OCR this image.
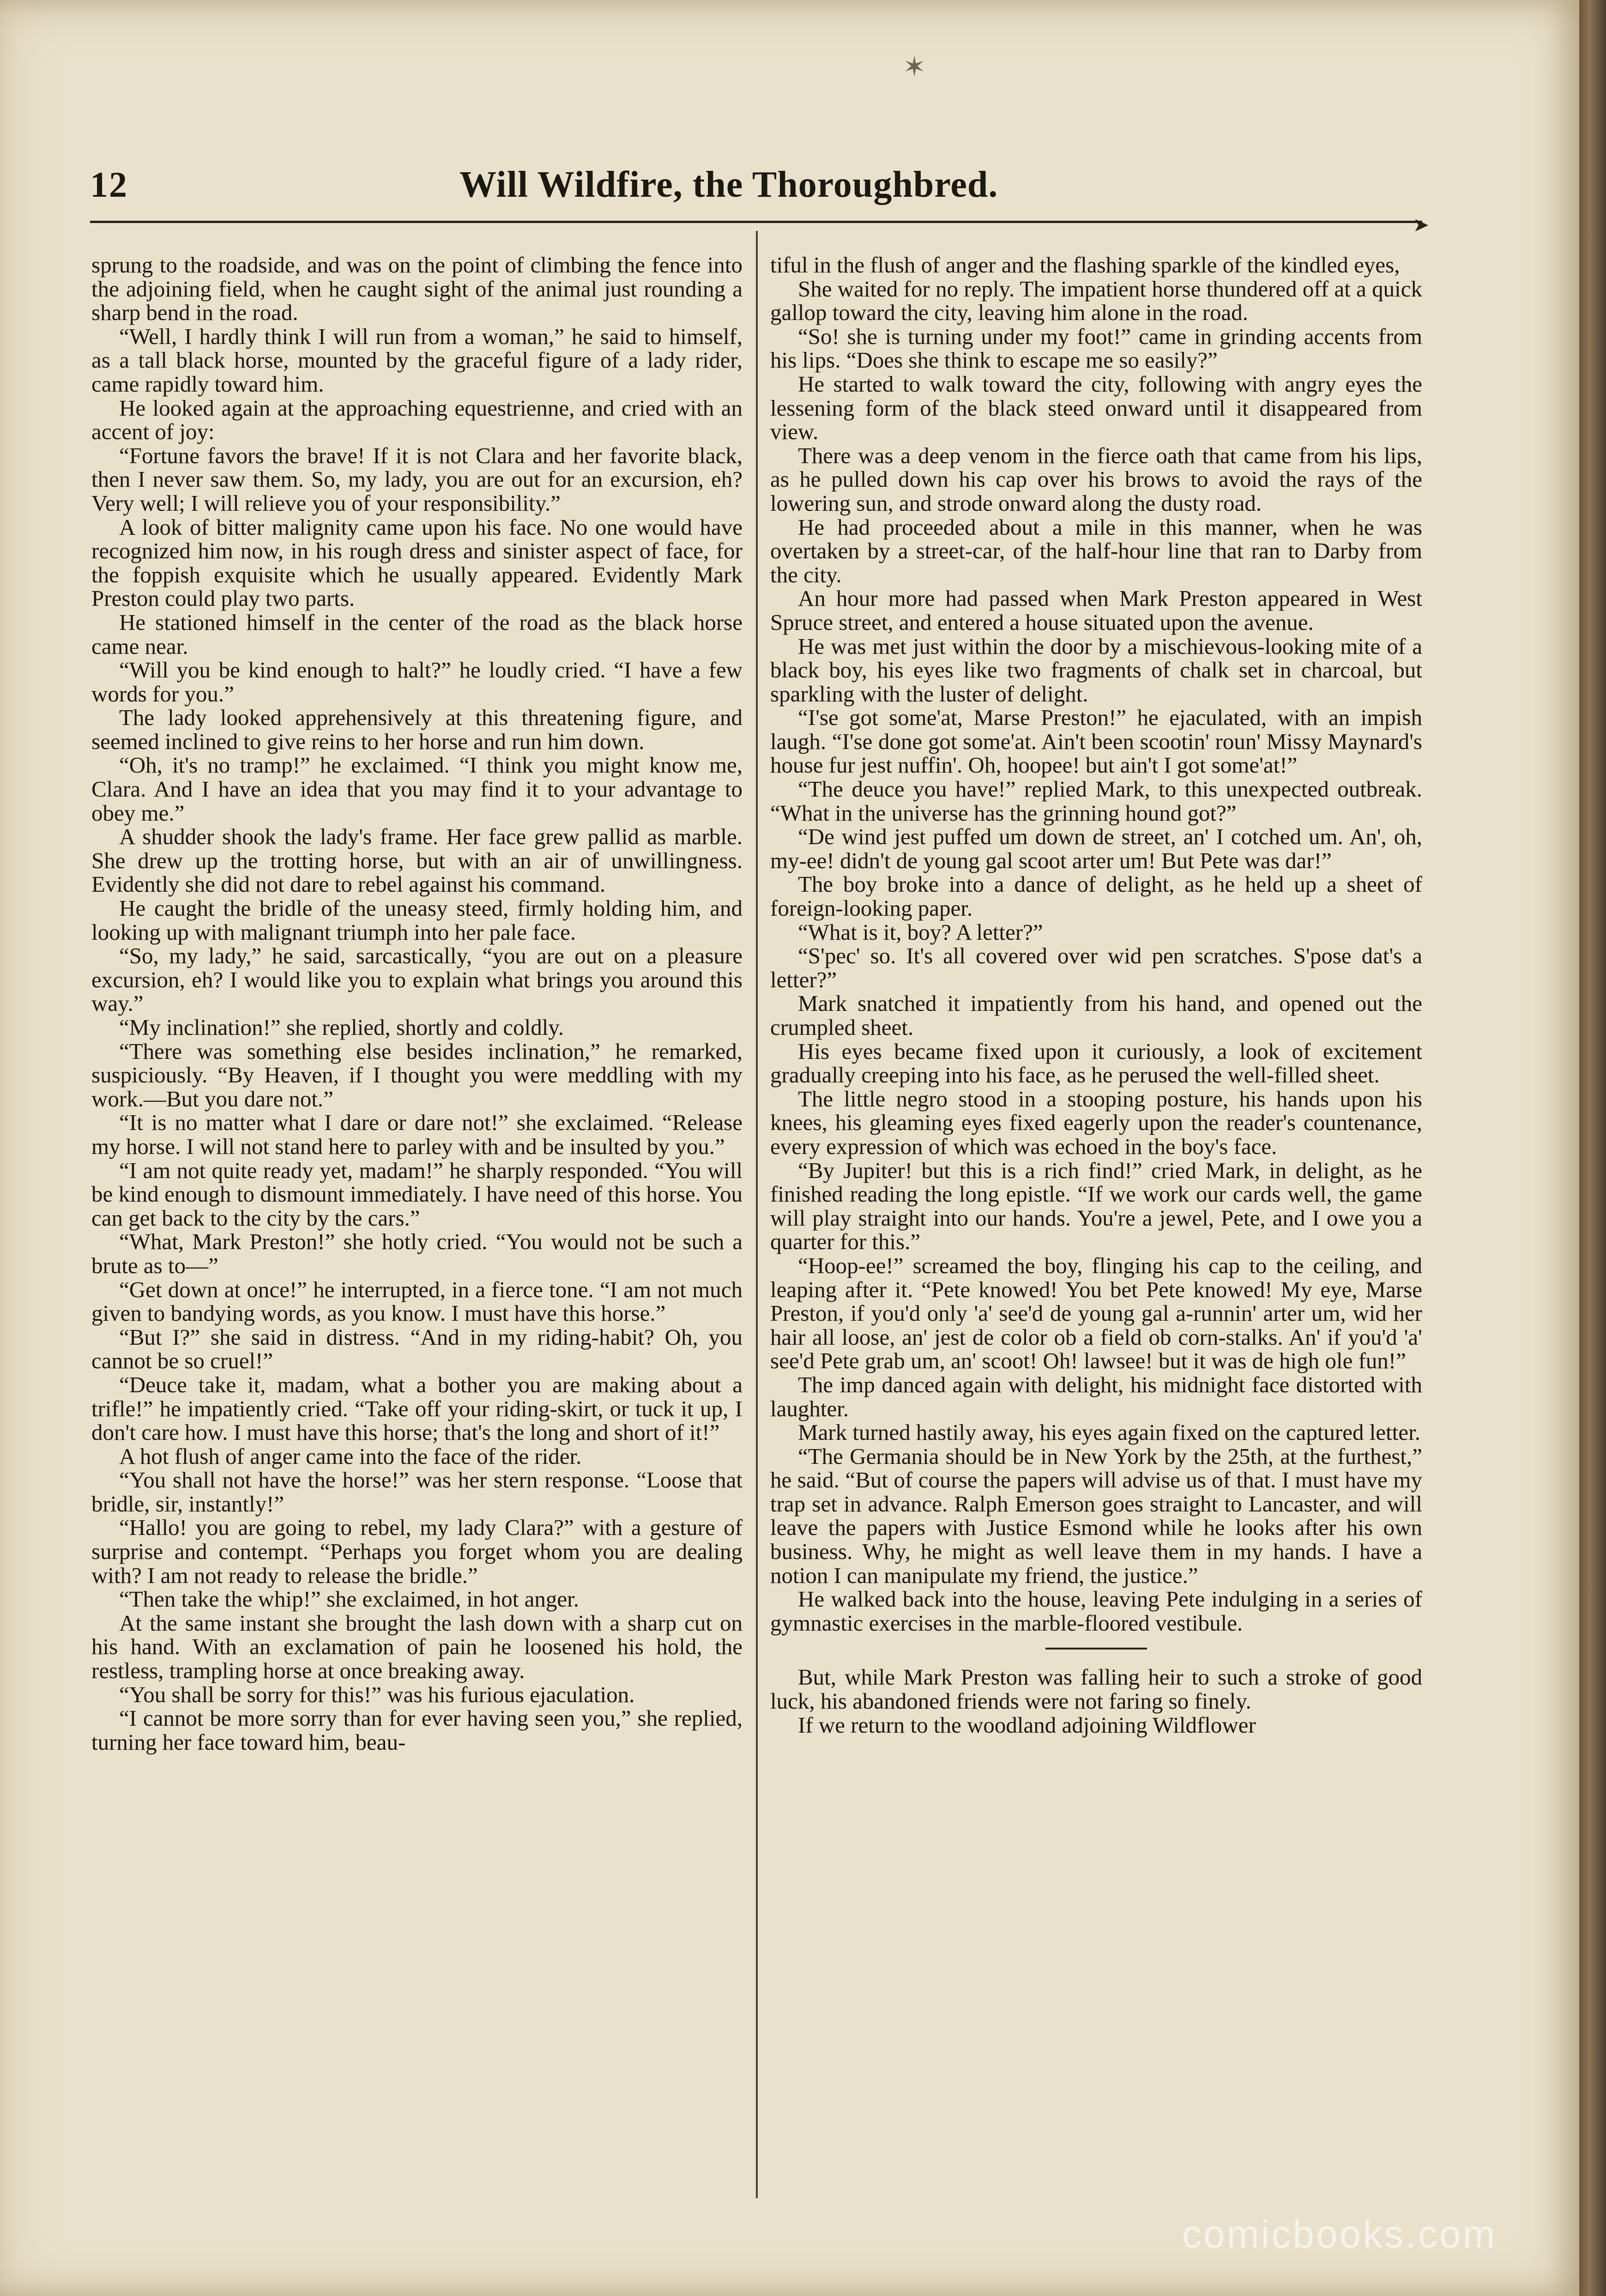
✶
12	Will Wildfire, the Thoroughbred.
➤

sprung to the roadside, and was on the point of climbing the fence into the adjoining field, when he caught sight of the animal just rounding a sharp bend in the road.

“Well, I hardly think I will run from a woman,” he said to himself, as a tall black horse, mounted by the graceful figure of a lady rider, came rapidly toward him.

He looked again at the approaching equestrienne, and cried with an accent of joy:

“Fortune favors the brave! If it is not Clara and her favorite black, then I never saw them. So, my lady, you are out for an excursion, eh? Very well; I will relieve you of your responsibility.”

A look of bitter malignity came upon his face. No one would have recognized him now, in his rough dress and sinister aspect of face, for the foppish exquisite which he usually appeared. Evidently Mark Preston could play two parts.

He stationed himself in the center of the road as the black horse came near.

“Will you be kind enough to halt?” he loudly cried. “I have a few words for you.”

The lady looked apprehensively at this threatening figure, and seemed inclined to give reins to her horse and run him down.

“Oh, it's no tramp!” he exclaimed. “I think you might know me, Clara. And I have an idea that you may find it to your advantage to obey me.”

A shudder shook the lady's frame. Her face grew pallid as marble. She drew up the trotting horse, but with an air of unwillingness. Evidently she did not dare to rebel against his command.

He caught the bridle of the uneasy steed, firmly holding him, and looking up with malignant triumph into her pale face.

“So, my lady,” he said, sarcastically, “you are out on a pleasure excursion, eh? I would like you to explain what brings you around this way.”

“My inclination!” she replied, shortly and coldly.

“There was something else besides inclination,” he remarked, suspiciously. “By Heaven, if I thought you were meddling with my work.—But you dare not.”

“It is no matter what I dare or dare not!” she exclaimed. “Release my horse. I will not stand here to parley with and be insulted by you.”

“I am not quite ready yet, madam!” he sharply responded. “You will be kind enough to dismount immediately. I have need of this horse. You can get back to the city by the cars.”

“What, Mark Preston!” she hotly cried. “You would not be such a brute as to—”

“Get down at once!” he interrupted, in a fierce tone. “I am not much given to bandying words, as you know. I must have this horse.”

“But I?” she said in distress. “And in my riding-habit? Oh, you cannot be so cruel!”

“Deuce take it, madam, what a bother you are making about a trifle!” he impatiently cried. “Take off your riding-skirt, or tuck it up, I don't care how. I must have this horse; that's the long and short of it!”

A hot flush of anger came into the face of the rider.

“You shall not have the horse!” was her stern response. “Loose that bridle, sir, instantly!”

“Hallo! you are going to rebel, my lady Clara?” with a gesture of surprise and contempt. “Perhaps you forget whom you are dealing with? I am not ready to release the bridle.”

“Then take the whip!” she exclaimed, in hot anger.

At the same instant she brought the lash down with a sharp cut on his hand. With an exclamation of pain he loosened his hold, the restless, trampling horse at once breaking away.

“You shall be sorry for this!” was his furious ejaculation.

“I cannot be more sorry than for ever having seen you,” she replied, turning her face toward him, beau-

tiful in the flush of anger and the flashing sparkle of the kindled eyes,

She waited for no reply. The impatient horse thundered off at a quick gallop toward the city, leaving him alone in the road.

“So! she is turning under my foot!” came in grinding accents from his lips. “Does she think to escape me so easily?”

He started to walk toward the city, following with angry eyes the lessening form of the black steed onward until it disappeared from view.

There was a deep venom in the fierce oath that came from his lips, as he pulled down his cap over his brows to avoid the rays of the lowering sun, and strode onward along the dusty road.

He had proceeded about a mile in this manner, when he was overtaken by a street-car, of the half-hour line that ran to Darby from the city.

An hour more had passed when Mark Preston appeared in West Spruce street, and entered a house situated upon the avenue.

He was met just within the door by a mischievous-looking mite of a black boy, his eyes like two fragments of chalk set in charcoal, but sparkling with the luster of delight.

“I'se got some'at, Marse Preston!” he ejaculated, with an impish laugh. “I'se done got some'at. Ain't been scootin' roun' Missy Maynard's house fur jest nuffin'. Oh, hoopee! but ain't I got some'at!”

“The deuce you have!” replied Mark, to this unexpected outbreak. “What in the universe has the grinning hound got?”

“De wind jest puffed um down de street, an' I cotched um. An', oh, my-ee! didn't de young gal scoot arter um! But Pete was dar!”

The boy broke into a dance of delight, as he held up a sheet of foreign-looking paper.

“What is it, boy? A letter?”

“S'pec' so. It's all covered over wid pen scratches. S'pose dat's a letter?”

Mark snatched it impatiently from his hand, and opened out the crumpled sheet.

His eyes became fixed upon it curiously, a look of excitement gradually creeping into his face, as he perused the well-filled sheet.

The little negro stood in a stooping posture, his hands upon his knees, his gleaming eyes fixed eagerly upon the reader's countenance, every expression of which was echoed in the boy's face.

“By Jupiter! but this is a rich find!” cried Mark, in delight, as he finished reading the long epistle. “If we work our cards well, the game will play straight into our hands. You're a jewel, Pete, and I owe you a quarter for this.”

“Hoop-ee!” screamed the boy, flinging his cap to the ceiling, and leaping after it. “Pete knowed! You bet Pete knowed! My eye, Marse Preston, if you'd only 'a' see'd de young gal a-runnin' arter um, wid her hair all loose, an' jest de color ob a field ob corn-stalks. An' if you'd 'a' see'd Pete grab um, an' scoot! Oh! lawsee! but it was de high ole fun!”

The imp danced again with delight, his midnight face distorted with laughter.

Mark turned hastily away, his eyes again fixed on the captured letter.

“The Germania should be in New York by the 25th, at the furthest,” he said. “But of course the papers will advise us of that. I must have my trap set in advance. Ralph Emerson goes straight to Lancaster, and will leave the papers with Justice Esmond while he looks after his own business. Why, he might as well leave them in my hands. I have a notion I can manipulate my friend, the justice.”

He walked back into the house, leaving Pete indulging in a series of gymnastic exercises in the marble-floored vestibule.

But, while Mark Preston was falling heir to such a stroke of good luck, his abandoned friends were not faring so finely.

If we return to the woodland adjoining Wildflower

comicbooks.com
